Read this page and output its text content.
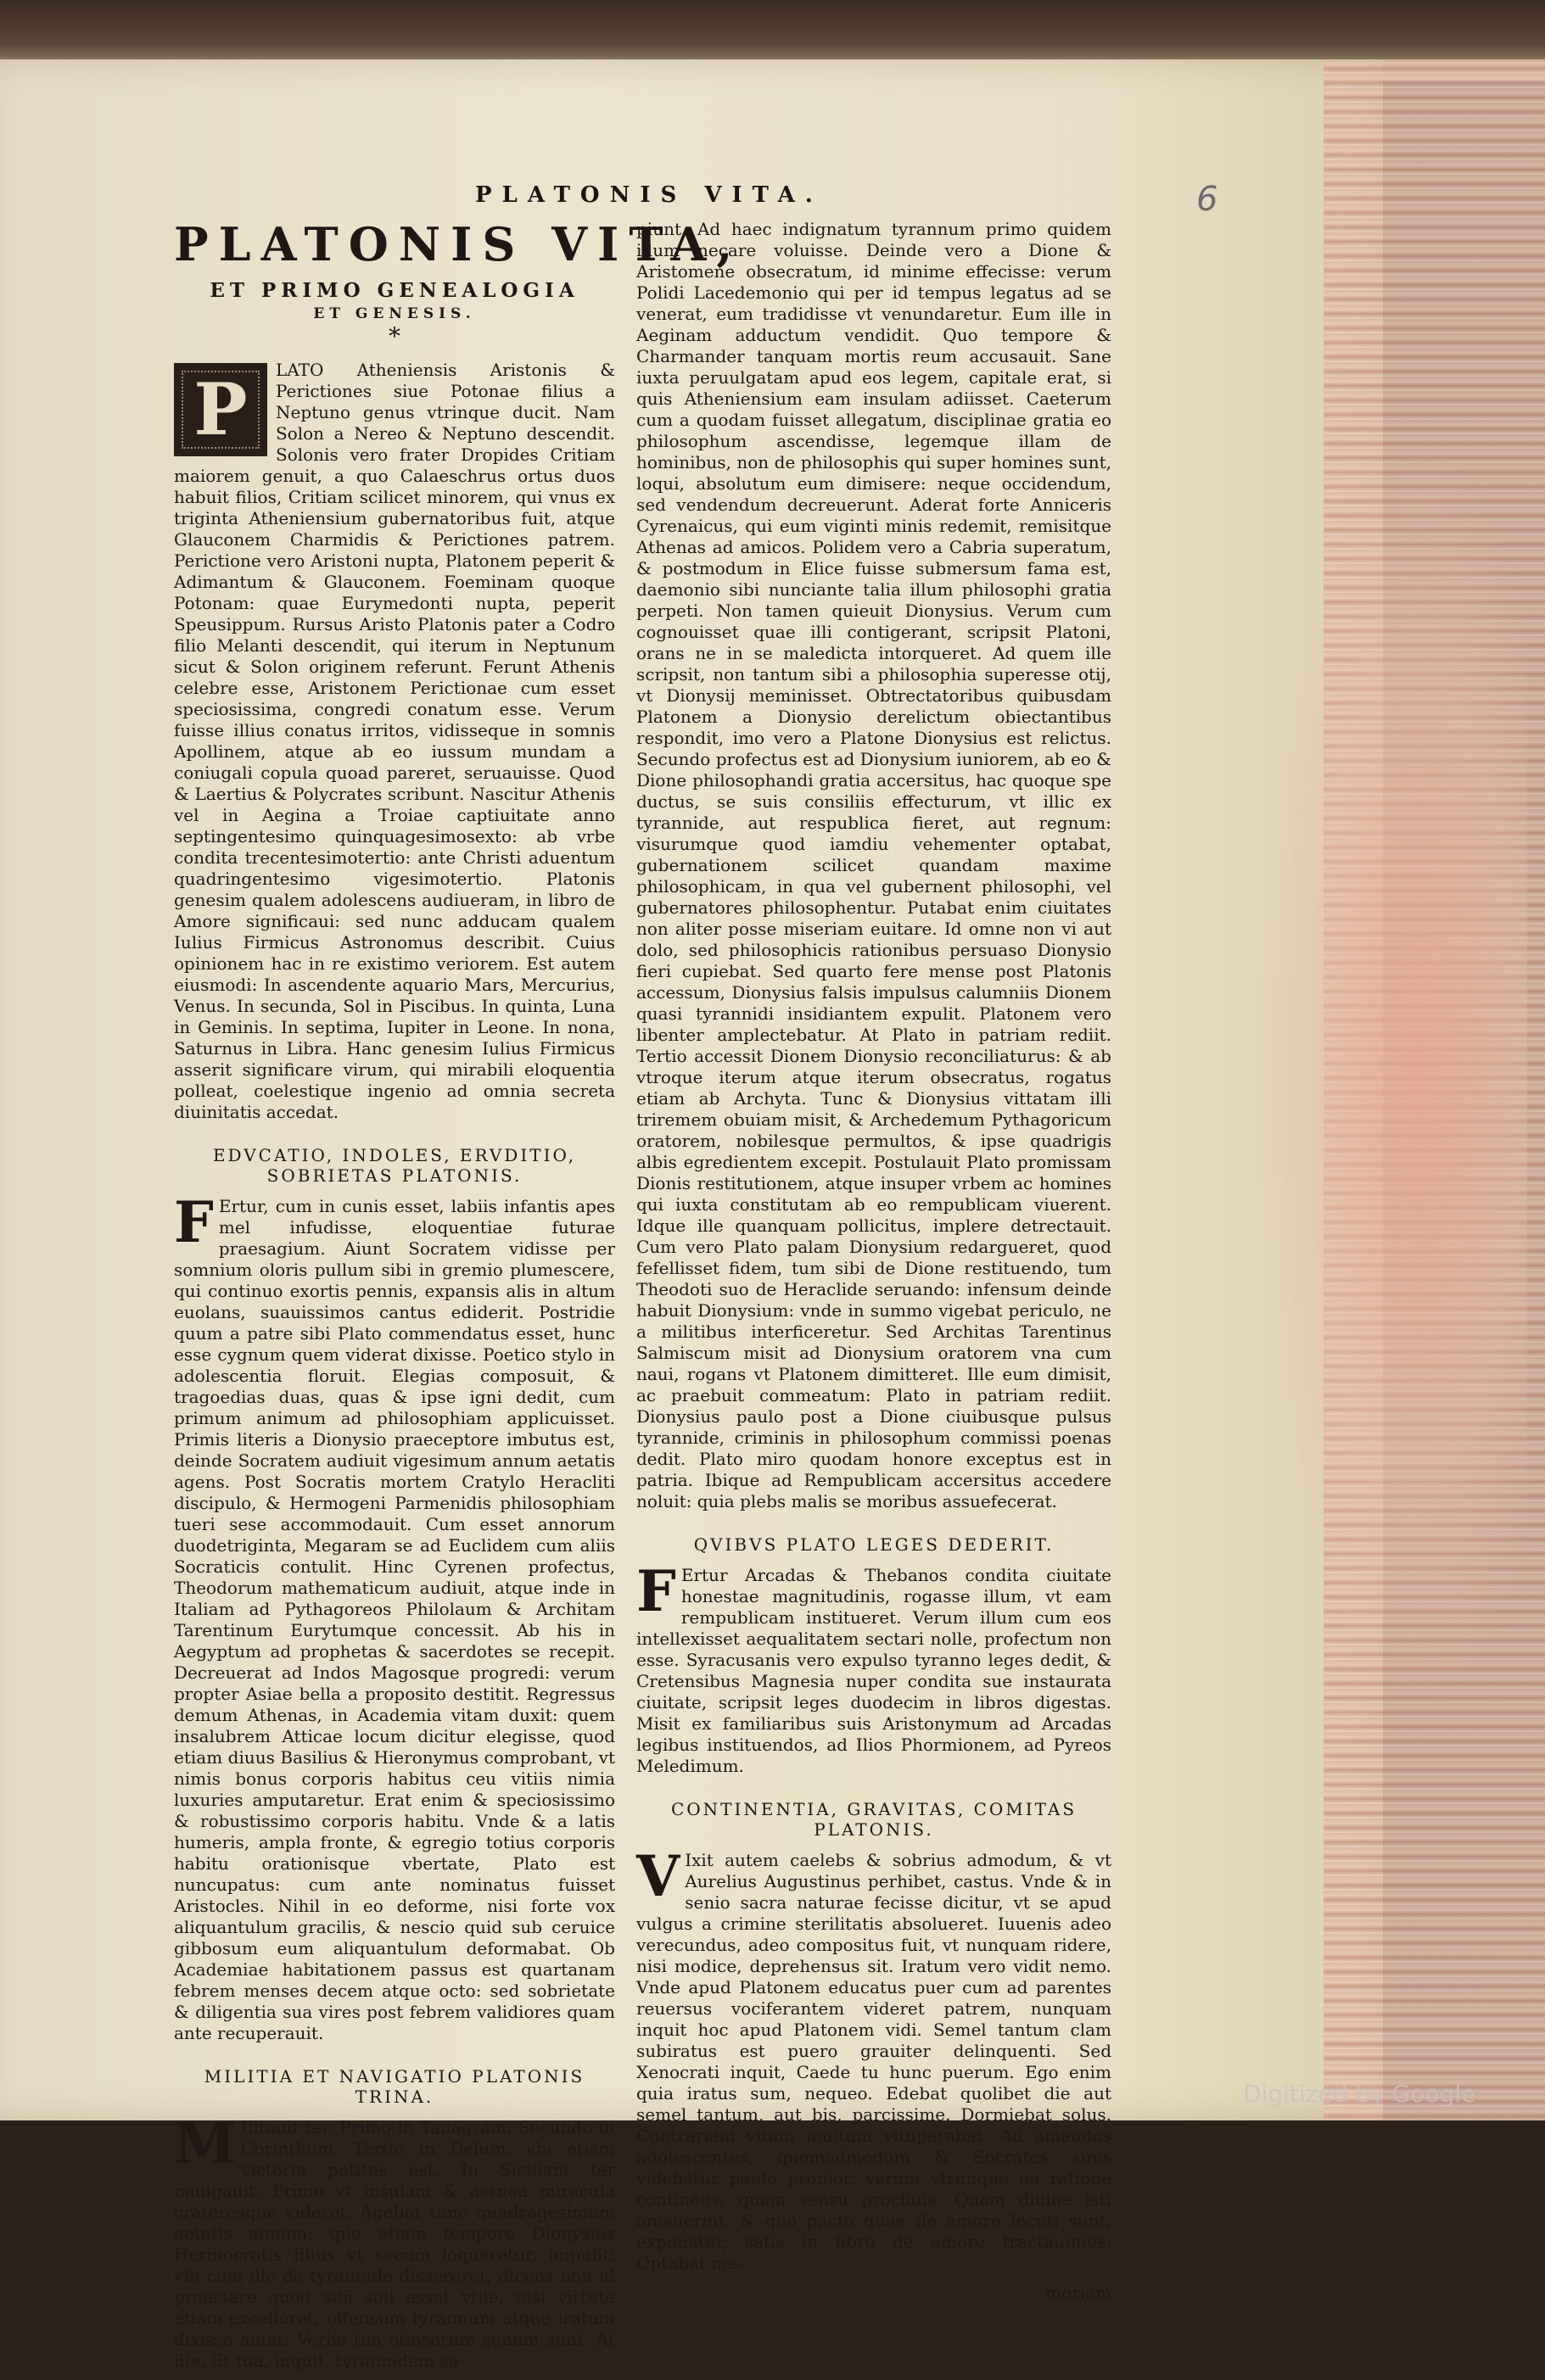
PLATONIS VITA.	6
PLATONIS VITA,
ET PRIMO GENEALOGIA
ET GENESIS.
*
P LATO Atheniensis Aristonis & Perictiones siue Potonae filius a Neptuno genus vtrinque ducit. Nam Solon a Nereo & Neptuno descendit. Solonis vero frater Dropides Critiam maiorem genuit, a quo Calaeschrus ortus duos habuit filios, Critiam scilicet minorem, qui vnus ex triginta Atheniensium gubernatoribus fuit, atque Glauconem Charmidis & Perictiones patrem. Perictione vero Aristoni nupta, Platonem peperit & Adimantum & Glauconem. Foeminam quoque Potonam: quae Eurymedonti nupta, peperit Speusippum. Rursus Aristo Platonis pater a Codro filio Melanti descendit, qui iterum in Neptunum sicut & Solon originem referunt. Ferunt Athenis celebre esse, Aristonem Perictionae cum esset speciosissima, congredi conatum esse. Verum fuisse illius conatus irritos, vidisseque in somnis Apollinem, atque ab eo iussum mundam a coniugali copula quoad pareret, seruauisse. Quod & Laertius & Polycrates scribunt. Nascitur Athenis vel in Aegina a Troiae captiuitate anno septingentesimo quinquagesimosexto: ab vrbe condita trecentesimotertio: ante Christi aduentum quadringentesimo vigesimotertio. Platonis genesim qualem adolescens audiueram, in libro de Amore significaui: sed nunc adducam qualem Iulius Firmicus Astronomus describit. Cuius opinionem hac in re existimo veriorem. Est autem eiusmodi: In ascendente aquario Mars, Mercurius, Venus. In secunda, Sol in Piscibus. In quinta, Luna in Geminis. In septima, Iupiter in Leone. In nona, Saturnus in Libra. Hanc genesim Iulius Firmicus asserit significare virum, qui mirabili eloquentia polleat, coelestique ingenio ad omnia secreta diuinitatis accedat.
EDVCATIO, INDOLES, ERVDITIO, SOBRIETAS PLATONIS.
F Ertur, cum in cunis esset, labiis infantis apes mel infudisse, eloquentiae futurae praesagium. Aiunt Socratem vidisse per somnium oloris pullum sibi in gremio plumescere, qui continuo exortis pennis, expansis alis in altum euolans, suauissimos cantus ediderit. Postridie quum a patre sibi Plato commendatus esset, hunc esse cygnum quem viderat dixisse. Poetico stylo in adolescentia floruit. Elegias composuit, & tragoedias duas, quas & ipse igni dedit, cum primum animum ad philosophiam applicuisset. Primis literis a Dionysio praeceptore imbutus est, deinde Socratem audiuit vigesimum annum aetatis agens. Post Socratis mortem Cratylo Heracliti discipulo, & Hermogeni Parmenidis philosophiam tueri sese accommodauit. Cum esset annorum duodetriginta, Megaram se ad Euclidem cum aliis Socraticis contulit. Hinc Cyrenen profectus, Theodorum mathematicum audiuit, atque inde in Italiam ad Pythagoreos Philolaum & Architam Tarentinum Eurytumque concessit. Ab his in Aegyptum ad prophetas & sacerdotes se recepit. Decreuerat ad Indos Magosque progredi: verum propter Asiae bella a proposito destitit. Regressus demum Athenas, in Academia vitam duxit: quem insalubrem Atticae locum dicitur elegisse, quod etiam diuus Basilius & Hieronymus comprobant, vt nimis bonus corporis habitus ceu vitiis nimia luxuries amputaretur. Erat enim & speciosissimo & robustissimo corporis habitu. Vnde & a latis humeris, ampla fronte, & egregio totius corporis habitu orationisque vbertate, Plato est nuncupatus: cum ante nominatus fuisset Aristocles. Nihil in eo deforme, nisi forte vox aliquantulum gracilis, & nescio quid sub ceruice gibbosum eum aliquantulum deformabat. Ob Academiae habitationem passus est quartanam febrem menses decem atque octo: sed sobrietate & diligentia sua vires post febrem validiores quam ante recuperauit.
MILITIA ET NAVIGATIO PLATONIS TRINA.
M Ilitauit ter. Primo in Tanagram. Secundo in Corinthum. Tertio in Delum, vbi etiam victoria potitus est. In Siciliam ter nauigauit. Primo vt insulam & aetnea miracula crateresque videret. Agebat tunc quadragesimum aetatis annum: quo etiam tempore Dionysius Hermocratis filius vt secum loqueretur, impulit: vbi cum ille de tyrannide dissereret, dicens non id praestare quod sibi soli esset vtile, nisi virtute etiam excelleret, offensum tyrannum atque iratum dixisse aiunt: Verba tua otiosorum senum sunt. At ille, Et tua, inquit, tyrannidem sa-
piunt. Ad haec indignatum tyrannum primo quidem illum necare voluisse. Deinde vero a Dione & Aristomene obsecratum, id minime effecisse: verum Polidi Lacedemonio qui per id tempus legatus ad se venerat, eum tradidisse vt venundaretur. Eum ille in Aeginam adductum vendidit. Quo tempore & Charmander tanquam mortis reum accusauit. Sane iuxta peruulgatam apud eos legem, capitale erat, si quis Atheniensium eam insulam adiisset. Caeterum cum a quodam fuisset allegatum, disciplinae gratia eo philosophum ascendisse, legemque illam de hominibus, non de philosophis qui super homines sunt, loqui, absolutum eum dimisere: neque occidendum, sed vendendum decreuerunt. Aderat forte Anniceris Cyrenaicus, qui eum viginti minis redemit, remisitque Athenas ad amicos. Polidem vero a Cabria superatum, & postmodum in Elice fuisse submersum fama est, daemonio sibi nunciante talia illum philosophi gratia perpeti. Non tamen quieuit Dionysius. Verum cum cognouisset quae illi contigerant, scripsit Platoni, orans ne in se maledicta intorqueret. Ad quem ille scripsit, non tantum sibi a philosophia superesse otij, vt Dionysij meminisset. Obtrectatoribus quibusdam Platonem a Dionysio derelictum obiectantibus respondit, imo vero a Platone Dionysius est relictus. Secundo profectus est ad Dionysium iuniorem, ab eo & Dione philosophandi gratia accersitus, hac quoque spe ductus, se suis consiliis effecturum, vt illic ex tyrannide, aut respublica fieret, aut regnum: visurumque quod iamdiu vehementer optabat, gubernationem scilicet quandam maxime philosophicam, in qua vel gubernent philosophi, vel gubernatores philosophentur. Putabat enim ciuitates non aliter posse miseriam euitare. Id omne non vi aut dolo, sed philosophicis rationibus persuaso Dionysio fieri cupiebat. Sed quarto fere mense post Platonis accessum, Dionysius falsis impulsus calumniis Dionem quasi tyrannidi insidiantem expulit. Platonem vero libenter amplectebatur. At Plato in patriam rediit. Tertio accessit Dionem Dionysio reconciliaturus: & ab vtroque iterum atque iterum obsecratus, rogatus etiam ab Archyta. Tunc & Dionysius vittatam illi triremem obuiam misit, & Archedemum Pythagoricum oratorem, nobilesque permultos, & ipse quadrigis albis egredientem excepit. Postulauit Plato promissam Dionis restitutionem, atque insuper vrbem ac homines qui iuxta constitutam ab eo rempublicam viuerent. Idque ille quanquam pollicitus, implere detrectauit. Cum vero Plato palam Dionysium redargueret, quod fefellisset fidem, tum sibi de Dione restituendo, tum Theodoti suo de Heraclide seruando: infensum deinde habuit Dionysium: vnde in summo vigebat periculo, ne a militibus interficeretur. Sed Architas Tarentinus Salmiscum misit ad Dionysium oratorem vna cum naui, rogans vt Platonem dimitteret. Ille eum dimisit, ac praebuit commeatum: Plato in patriam rediit. Dionysius paulo post a Dione ciuibusque pulsus tyrannide, criminis in philosophum commissi poenas dedit. Plato miro quodam honore exceptus est in patria. Ibique ad Rempublicam accersitus accedere noluit: quia plebs malis se moribus assuefecerat.
QVIBVS PLATO LEGES DEDERIT.
F Ertur Arcadas & Thebanos condita ciuitate honestae magnitudinis, rogasse illum, vt eam rempublicam institueret. Verum illum cum eos intellexisset aequalitatem sectari nolle, profectum non esse. Syracusanis vero expulso tyranno leges dedit, & Cretensibus Magnesia nuper condita sue instaurata ciuitate, scripsit leges duodecim in libros digestas. Misit ex familiaribus suis Aristonymum ad Arcadas legibus instituendos, ad Ilios Phormionem, ad Pyreos Meledimum.
CONTINENTIA, GRAVITAS, COMITAS PLATONIS.
V Ixit autem caelebs & sobrius admodum, & vt Aurelius Augustinus perhibet, castus. Vnde & in senio sacra naturae fecisse dicitur, vt se apud vulgus a crimine sterilitatis absolueret. Iuuenis adeo verecundus, adeo compositus fuit, vt nunquam ridere, nisi modice, deprehensus sit. Iratum vero vidit nemo. Vnde apud Platonem educatus puer cum ad parentes reuersus vociferantem videret patrem, nunquam inquit hoc apud Platonem vidi. Semel tantum clam subiratus est puero grauiter delinquenti. Sed Xenocrati inquit, Caede tu hunc puerum. Ego enim quia iratus sum, nequeo. Edebat quolibet die aut semel tantum, aut bis, parcissime. Dormiebat solus. Contrariam vitam multum vituperabat. Ad amandos adolescentes, quemadmodum & Socrates suus videbatur paulo pronior, verum vtrunque ea ratione continens, quam sensu procliuis. Quam diuine isti amauerint, & quo pacto quae de amore locuti sunt, exponatur, satis in libro de amore tractauimus. Optabat me-
moriam
Digitized by Google
